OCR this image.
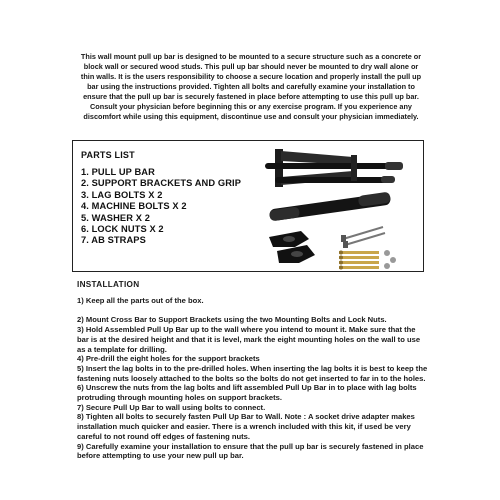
This wall mount pull up bar is designed to be mounted to a secure structure such as a concrete or

block wall or secured wood studs. This pull up bar should never be mounted to dry wall alone or

thin walls. It is the users responsibility to choose a secure location and properly install the pull up

bar using the instructions provided. Tighten all bolts and carefully examine your installation to

ensure that the pull up bar is securely fastened in place before attempting to use this pull up bar.

Consult your physician before beginning this or any exercise program. If you experience any

discomfort while using this equipment, discontinue use and consult your physician immediately.

PARTS LIST
1. PULL UP BAR
2. SUPPORT BRACKETS AND GRIP
3. LAG BOLTS X 2
4. MACHINE BOLTS X 2
5. WASHER X 2
6. LOCK NUTS X 2
7. AB STRAPS
INSTALLATION

1) Keep all the parts out of the box.

2) Mount Cross Bar to Support Brackets using the two Mounting Bolts and Lock Nuts.

3) Hold Assembled Pull Up Bar up to the wall where you intend to mount it. Make sure that the bar is at the desired height and that it is level, mark the eight mounting holes on the wall to use as a template for drilling.

4) Pre-drill the eight holes for the support brackets

5) Insert the lag bolts in to the pre-drilled holes. When inserting the lag bolts it is best to keep the fastening nuts loosely attached to the bolts so the bolts do not get inserted to far in to the holes.

6) Unscrew the nuts from the lag bolts and lift assembled Pull Up Bar in to place with lag bolts protruding through mounting holes on support brackets.

7) Secure Pull Up Bar to wall using bolts to connect.

8) Tighten all bolts to securely fasten Pull Up Bar to Wall. Note : A socket drive adapter makes installation much quicker and easier. There is a wrench included with this kit, if used be very careful to not round off edges of fastening nuts.

9) Carefully examine your installation to ensure that the pull up bar is securely fastened in place before attempting to use your new pull up bar.
